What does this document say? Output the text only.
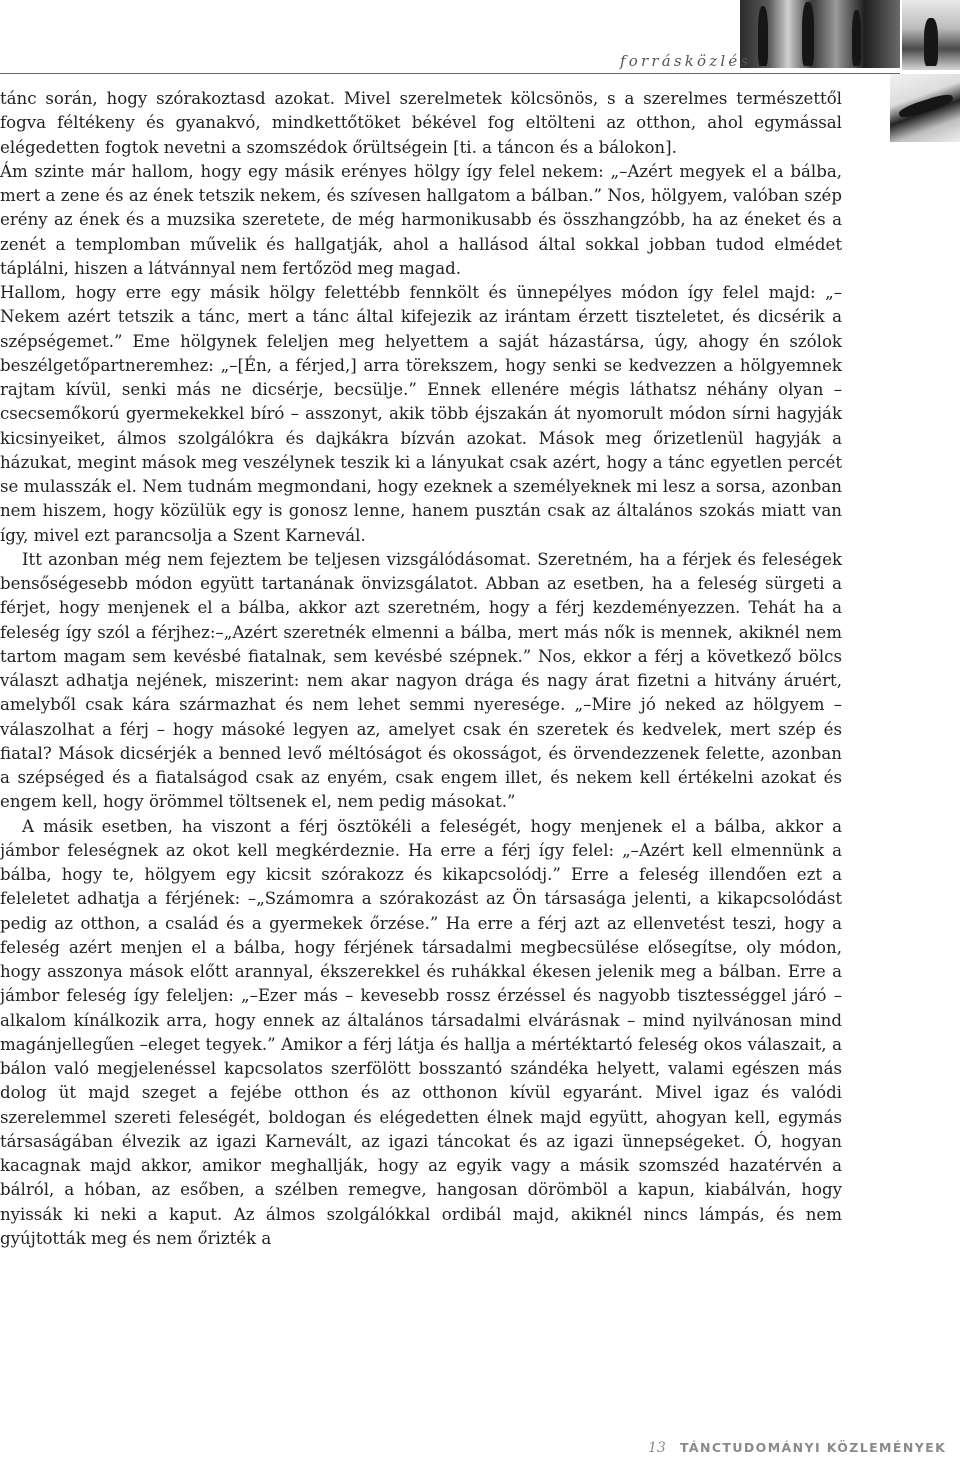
forrásközlés

tánc során, hogy szórakoztasd azokat. Mivel szerelmetek kölcsönös, s a szerelmes természettől fogva féltékeny és gyanakvó, mindkettőtöket békével fog eltölteni az otthon, ahol egymással elégedetten fogtok nevetni a szomszédok őrültségein [ti. a táncon és a bálokon].

Ám szinte már hallom, hogy egy másik erényes hölgy így felel nekem: „–Azért megyek el a bálba, mert a zene és az ének tetszik nekem, és szívesen hallgatom a bálban.” Nos, hölgyem, valóban szép erény az ének és a muzsika szeretete, de még harmonikusabb és összhangzóbb, ha az éneket és a zenét a templomban művelik és hallgatják, ahol a hallásod által sokkal jobban tudod elmédet táplálni, hiszen a látvánnyal nem fertőzöd meg magad.

Hallom, hogy erre egy másik hölgy felettébb fennkölt és ünnepélyes módon így felel majd: „–Nekem azért tetszik a tánc, mert a tánc által kifejezik az irántam érzett tiszteletet, és dicsérik a szépségemet.” Eme hölgynek feleljen meg helyettem a saját házastársa, úgy, ahogy én szólok beszélgetőpartneremhez: „–[Én, a férjed,] arra törekszem, hogy senki se kedvezzen a hölgyemnek rajtam kívül, senki más ne dicsérje, becsülje.” Ennek ellenére mégis láthatsz néhány olyan – csecsemőkorú gyermekekkel bíró – asszonyt, akik több éjszakán át nyomorult módon sírni hagyják kicsinyeiket, álmos szolgálókra és dajkákra bízván azokat. Mások meg őrizetlenül hagyják a házukat, megint mások meg veszélynek teszik ki a lányukat csak azért, hogy a tánc egyetlen percét se mulasszák el. Nem tudnám megmondani, hogy ezeknek a személyeknek mi lesz a sorsa, azonban nem hiszem, hogy közülük egy is gonosz lenne, hanem pusztán csak az általános szokás miatt van így, mivel ezt parancsolja a Szent Karnevál.

Itt azonban még nem fejeztem be teljesen vizsgálódásomat. Szeretném, ha a férjek és feleségek bensőségesebb módon együtt tartanának önvizsgálatot. Abban az esetben, ha a feleség sürgeti a férjet, hogy menjenek el a bálba, akkor azt szeretném, hogy a férj kezdeményezzen. Tehát ha a feleség így szól a férjhez:–„Azért szeretnék elmenni a bálba, mert más nők is mennek, akiknél nem tartom magam sem kevésbé fiatalnak, sem kevésbé szépnek.” Nos, ekkor a férj a következő bölcs választ adhatja nejének, miszerint: nem akar nagyon drága és nagy árat fizetni a hitvány áruért, amelyből csak kára származhat és nem lehet semmi nyeresége. „–Mire jó neked az hölgyem – válaszolhat a férj – hogy másoké legyen az, amelyet csak én szeretek és kedvelek, mert szép és fiatal? Mások dicsérjék a benned levő méltóságot és okosságot, és örvendezzenek felette, azonban a szépséged és a fiatalságod csak az enyém, csak engem illet, és nekem kell értékelni azokat és engem kell, hogy örömmel töltsenek el, nem pedig másokat.”

A másik esetben, ha viszont a férj ösztökéli a feleségét, hogy menjenek el a bálba, akkor a jámbor feleségnek az okot kell megkérdeznie. Ha erre a férj így felel: „–Azért kell elmennünk a bálba, hogy te, hölgyem egy kicsit szórakozz és kikapcsolódj.” Erre a feleség illendően ezt a feleletet adhatja a férjének: –„Számomra a szórakozást az Ön társasága jelenti, a kikapcsolódást pedig az otthon, a család és a gyermekek őrzése.” Ha erre a férj azt az ellenvetést teszi, hogy a feleség azért menjen el a bálba, hogy férjének társadalmi megbecsülése elősegítse, oly módon, hogy asszonya mások előtt arannyal, ékszerekkel és ruhákkal ékesen jelenik meg a bálban. Erre a jámbor feleség így feleljen: „–Ezer más – kevesebb rossz érzéssel és nagyobb tisztességgel járó – alkalom kínálkozik arra, hogy ennek az általános társadalmi elvárásnak – mind nyilvánosan mind magánjellegűen –eleget tegyek.” Amikor a férj látja és hallja a mértéktartó feleség okos válaszait, a bálon való megjelenéssel kapcsolatos szerfölött bosszantó szándéka helyett, valami egészen más dolog üt majd szeget a fejébe otthon és az otthonon kívül egyaránt. Mivel igaz és valódi szerelemmel szereti feleségét, boldogan és elégedetten élnek majd együtt, ahogyan kell, egymás társaságában élvezik az igazi Karnevált, az igazi táncokat és az igazi ünnepségeket. Ó, hogyan kacagnak majd akkor, amikor meghallják, hogy az egyik vagy a másik szomszéd hazatérvén a bálról, a hóban, az esőben, a szélben remegve, hangosan dörömböl a kapun, kiabálván, hogy nyissák ki neki a kaput. Az álmos szolgálókkal ordibál majd, akiknél nincs lámpás, és nem gyújtották meg és nem őrizték a

13 TÁNCTUDOMÁNYI KÖZLEMÉNYEK
